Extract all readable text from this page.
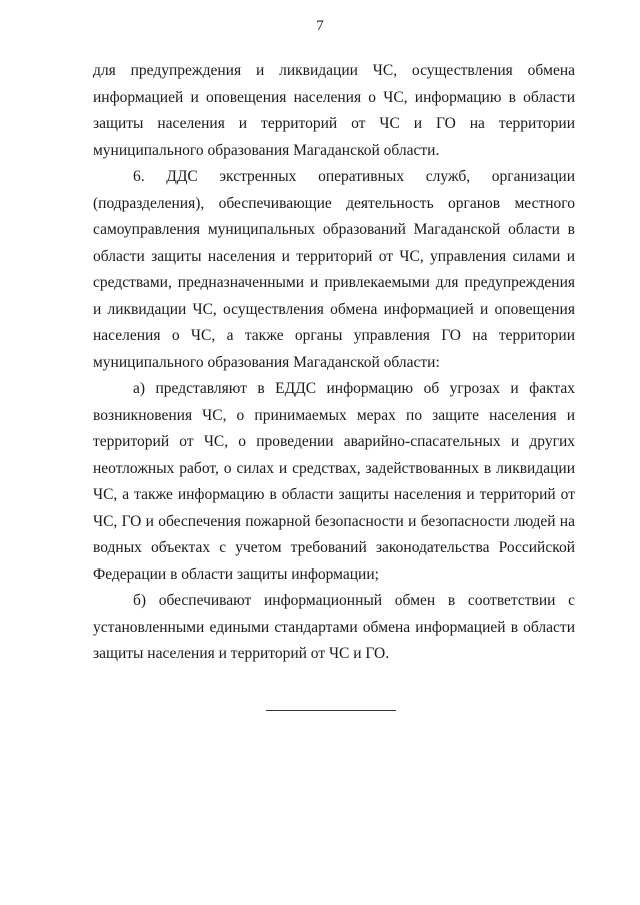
7

для предупреждения и ликвидации ЧС, осуществления обмена информацией и оповещения населения о ЧС, информацию в области защиты населения и территорий от ЧС и ГО на территории муниципального образования Магаданской области.

6. ДДС экстренных оперативных служб, организации (подразделения), обеспечивающие деятельность органов местного самоуправления муниципальных образований Магаданской области в области защиты населения и территорий от ЧС, управления силами и средствами, предназначенными и привлекаемыми для предупреждения и ликвидации ЧС, осуществления обмена информацией и оповещения населения о ЧС, а также органы управления ГО на территории муниципального образования Магаданской области:

а) представляют в ЕДДС информацию об угрозах и фактах возникновения ЧС, о принимаемых мерах по защите населения и территорий от ЧС, о проведении аварийно-спасательных и других неотложных работ, о силах и средствах, задействованных в ликвидации ЧС, а также информацию в области защиты населения и территорий от ЧС, ГО и обеспечения пожарной безопасности и безопасности людей на водных объектах с учетом требований законодательства Российской Федерации в области защиты информации;

б) обеспечивают информационный обмен в соответствии с установленными едиными стандартами обмена информацией в области защиты населения и территорий от ЧС и ГО.
